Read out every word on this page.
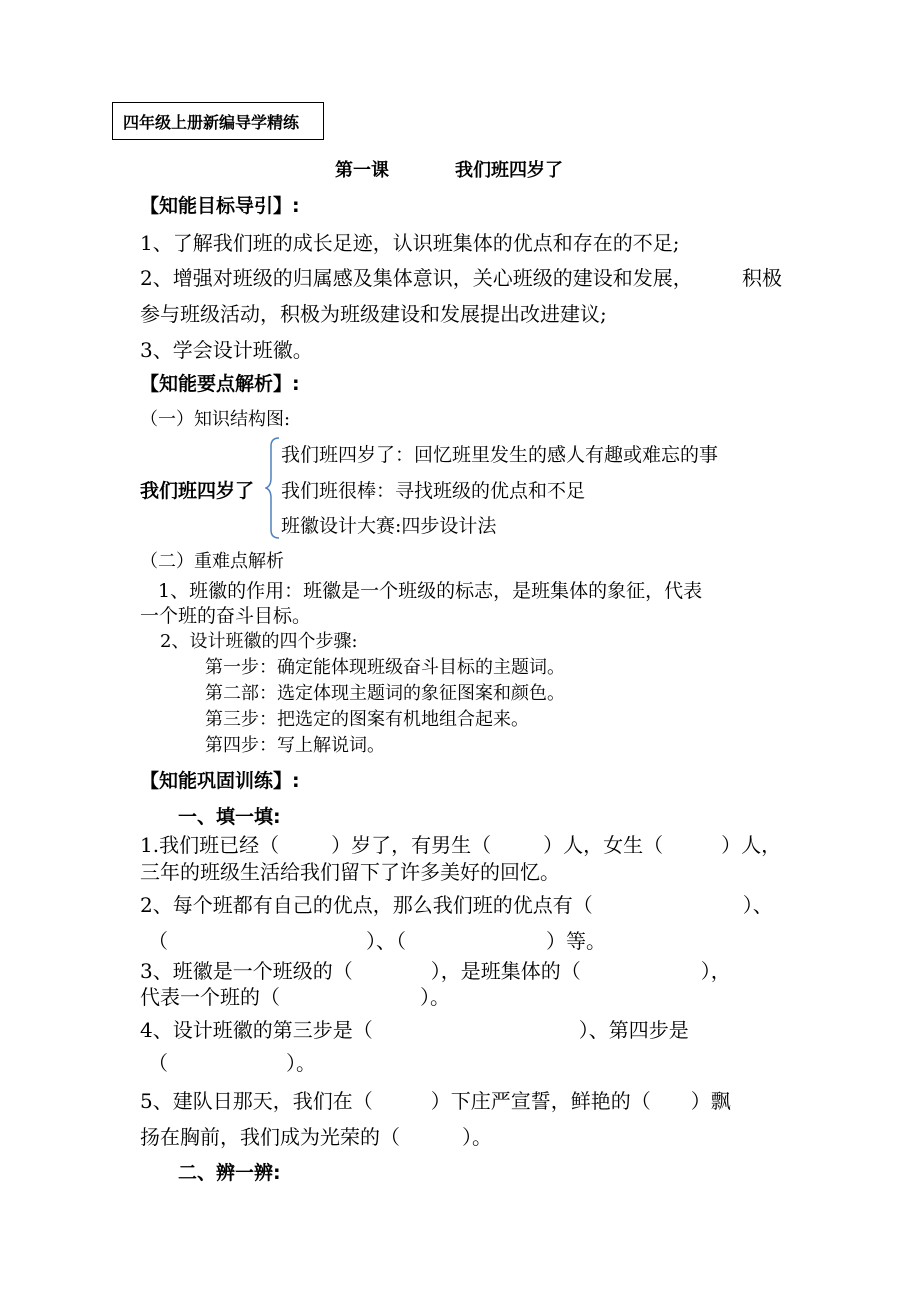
四年级上册新编导学精练
第一课	我们班四岁了
【知能目标导引】:
1、了解我们班的成长足迹，认识班集体的优点和存在的不足;
2、增强对班级的归属感及集体意识，关心班级的建设和发展， 积极
参与班级活动，积极为班级建设和发展提出改进建议;
3、学会设计班徽。
【知能要点解析】:
（一）知识结构图:
我们班四岁了
我们班四岁了：回忆班里发生的感人有趣或难忘的事
我们班很棒：寻找班级的优点和不足
班徽设计大赛:四步设计法
（二）重难点解析
1、班徽的作用：班徽是一个班级的标志，是班集体的象征，代表
一个班的奋斗目标。
2、设计班徽的四个步骤:
第一步：确定能体现班级奋斗目标的主题词。
第二部：选定体现主题词的象征图案和颜色。
第三步：把选定的图案有机地组合起来。
第四步：写上解说词。
【知能巩固训练】:
一、填一填:
1.我们班已经（	）岁了，有男生（	）人，女生（	）人，
三年的班级生活给我们留下了许多美好的回忆。
2、每个班都有自己的优点，那么我们班的优点有（	）、
（	）、（	）等。
3、班徽是一个班级的（	），是班集体的（	），
代表一个班的（	）。
4、设计班徽的第三步是（	）、第四步是
（	）。
5、建队日那天，我们在（	）下庄严宣誓，鲜艳的（ ）飘
扬在胸前，我们成为光荣的（	）。
二、辨一辨:
